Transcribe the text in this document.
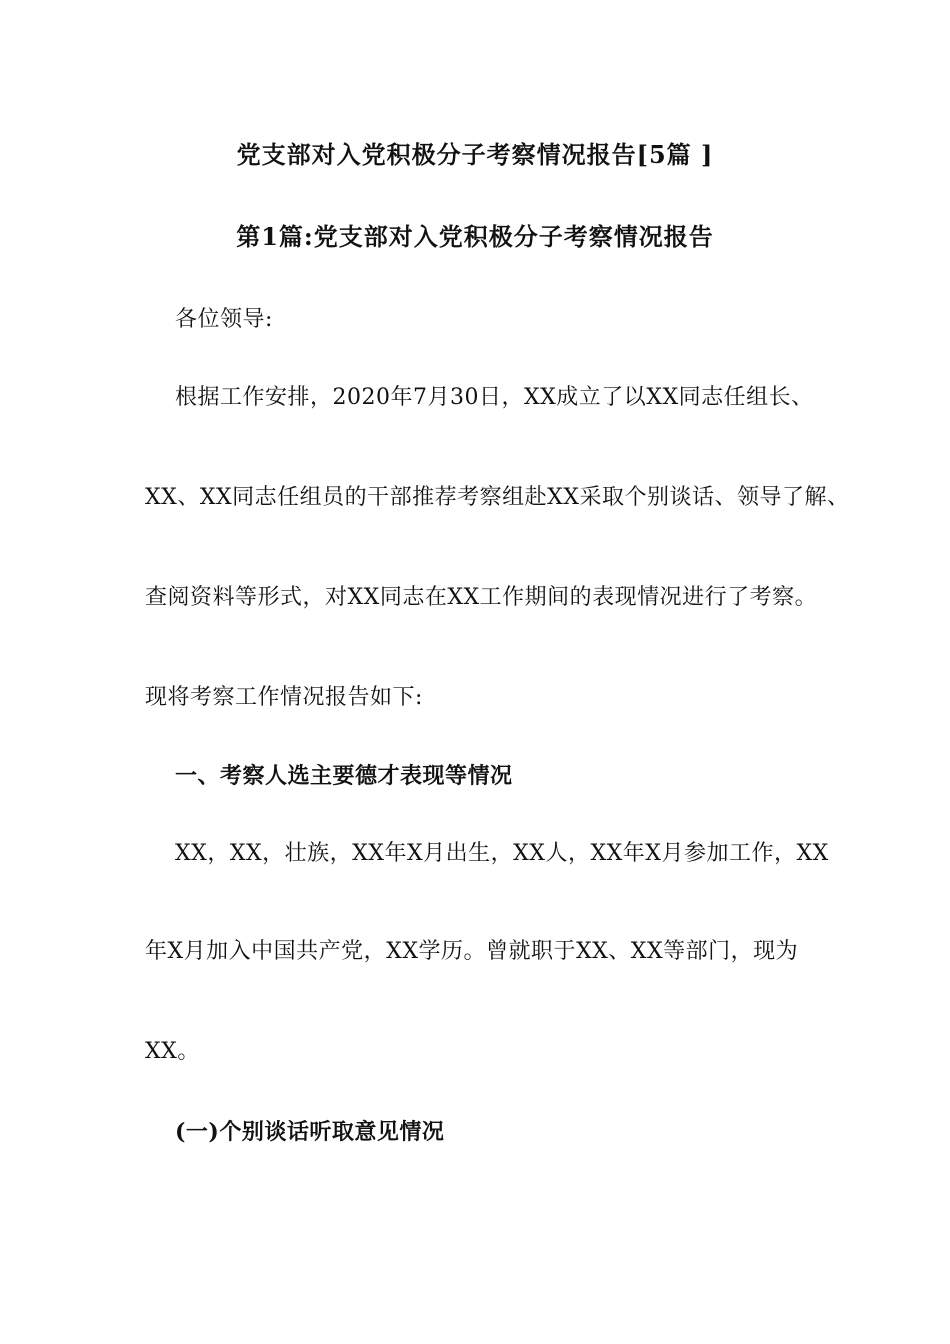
党支部对入党积极分子考察情况报告[5篇 ]
第1篇:党支部对入党积极分子考察情况报告
各位领导:
根据工作安排，2020年7月30日，XX成立了以XX同志任组长、
XX、XX同志任组员的干部推荐考察组赴XX采取个别谈话、领导了解、
查阅资料等形式，对XX同志在XX工作期间的表现情况进行了考察。
现将考察工作情况报告如下:
一、考察人选主要德才表现等情况
XX，XX，壮族，XX年X月出生，XX人，XX年X月参加工作，XX
年X月加入中国共产党，XX学历。曾就职于XX、XX等部门，现为
XX。
(一)个别谈话听取意见情况
